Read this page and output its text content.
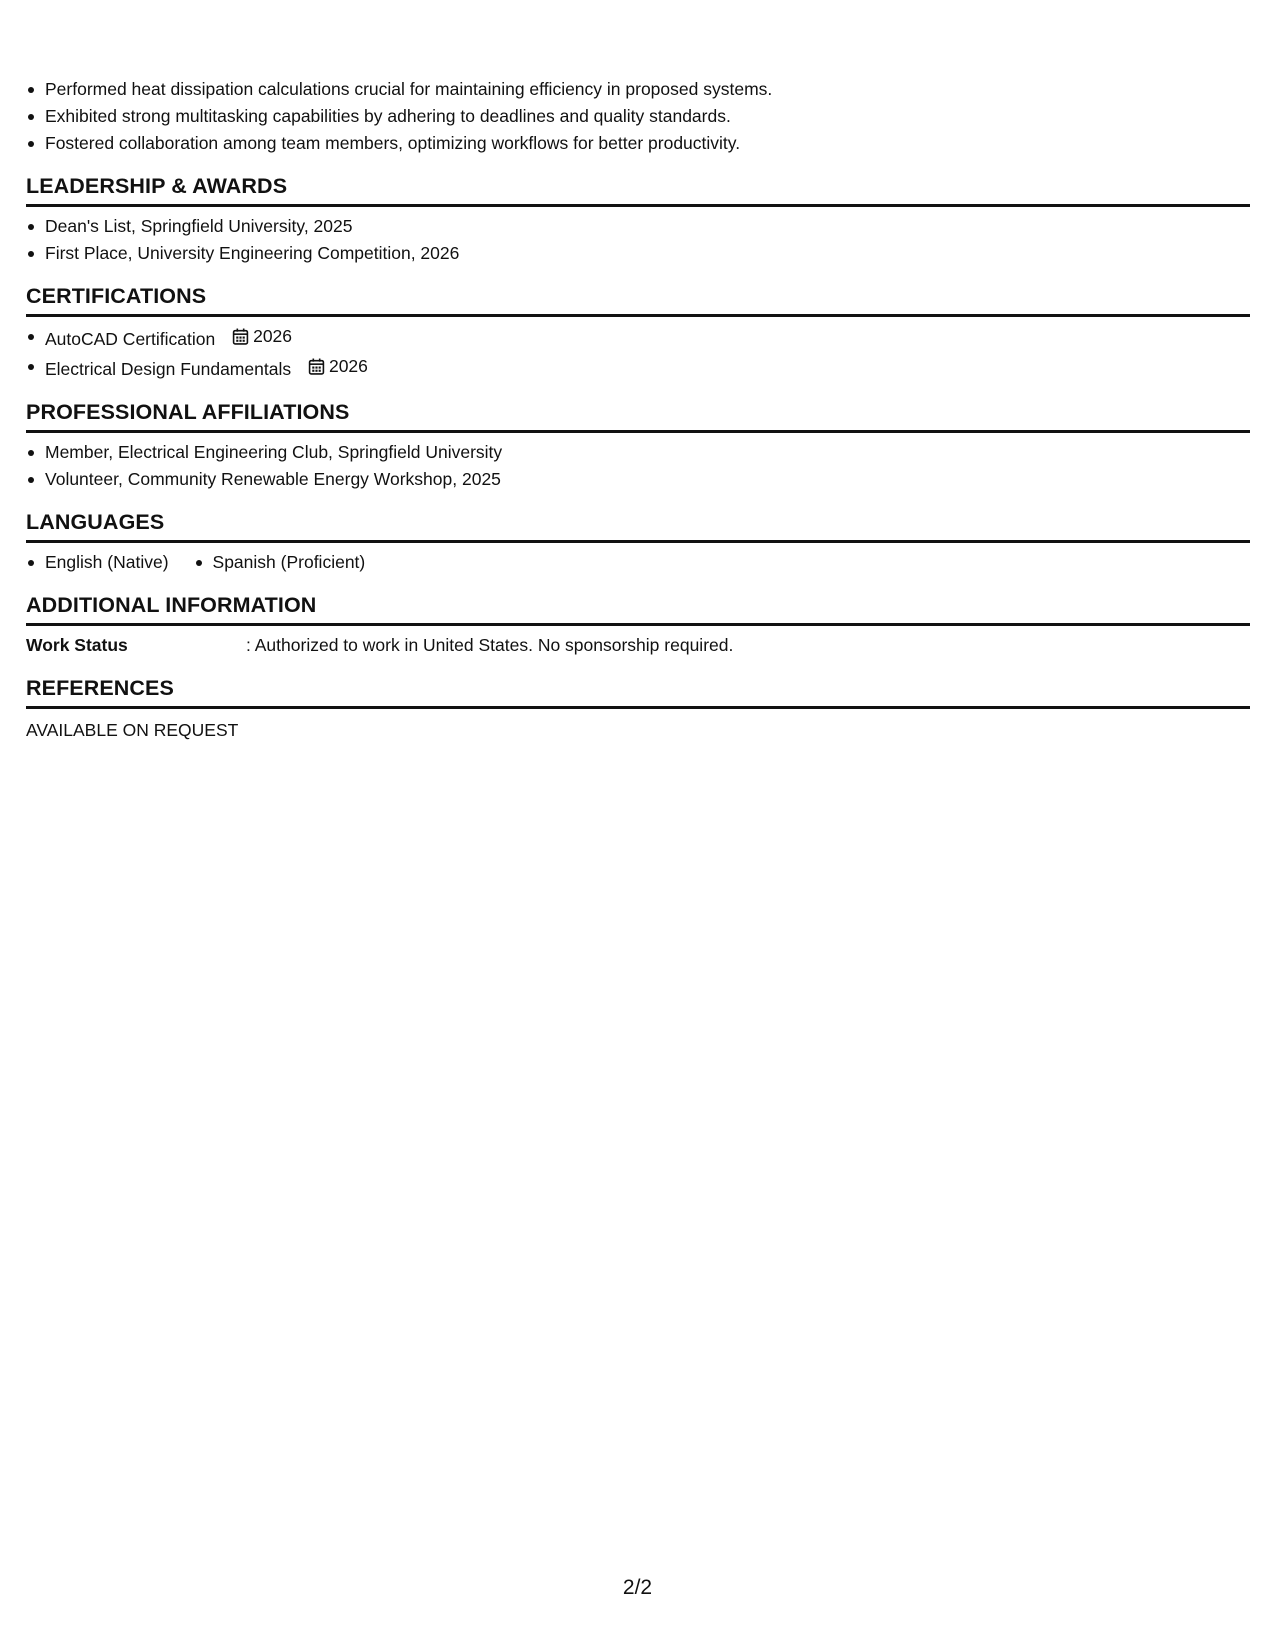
Performed heat dissipation calculations crucial for maintaining efficiency in proposed systems.
Exhibited strong multitasking capabilities by adhering to deadlines and quality standards.
Fostered collaboration among team members, optimizing workflows for better productivity.
LEADERSHIP & AWARDS
Dean's List, Springfield University, 2025
First Place, University Engineering Competition, 2026
CERTIFICATIONS
AutoCAD Certification 2026
Electrical Design Fundamentals 2026
PROFESSIONAL AFFILIATIONS
Member, Electrical Engineering Club, Springfield University
Volunteer, Community Renewable Energy Workshop, 2025
LANGUAGES
English (Native)	Spanish (Proficient)
ADDITIONAL INFORMATION
Work Status	: Authorized to work in United States. No sponsorship required.
REFERENCES
AVAILABLE ON REQUEST
2/2
